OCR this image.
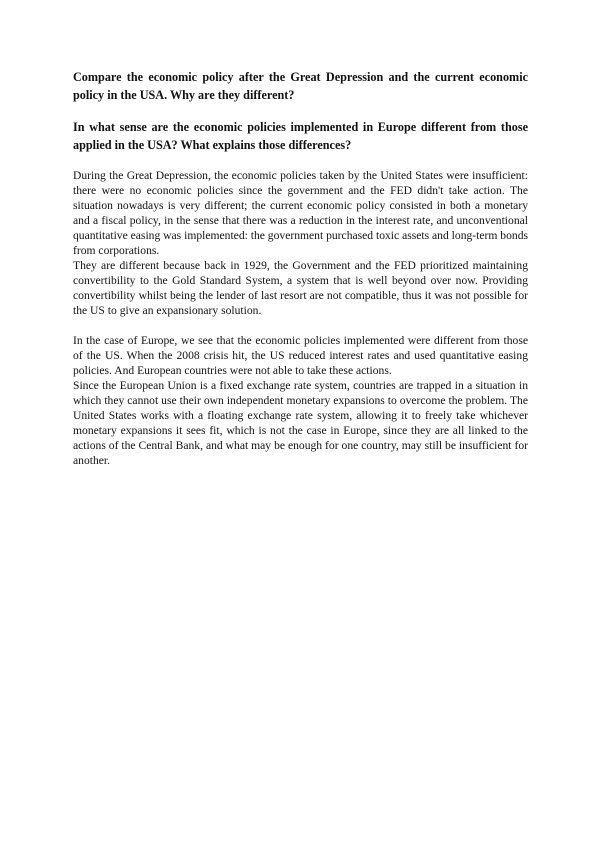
Compare the economic policy after the Great Depression and the current economic policy in the USA. Why are they different?

In what sense are the economic policies implemented in Europe different from those applied in the USA? What explains those differences?

During the Great Depression, the economic policies taken by the United States were insufficient: there were no economic policies since the government and the FED didn't take action. The situation nowadays is very different; the current economic policy consisted in both a monetary and a fiscal policy, in the sense that there was a reduction in the interest rate, and unconventional quantitative easing was implemented: the government purchased toxic assets and long-term bonds from corporations.

They are different because back in 1929, the Government and the FED prioritized maintaining convertibility to the Gold Standard System, a system that is well beyond over now. Providing convertibility whilst being the lender of last resort are not compatible, thus it was not possible for the US to give an expansionary solution.

In the case of Europe, we see that the economic policies implemented were different from those of the US. When the 2008 crisis hit, the US reduced interest rates and used quantitative easing policies. And European countries were not able to take these actions.

Since the European Union is a fixed exchange rate system, countries are trapped in a situation in which they cannot use their own independent monetary expansions to overcome the problem. The United States works with a floating exchange rate system, allowing it to freely take whichever monetary expansions it sees fit, which is not the case in Europe, since they are all linked to the actions of the Central Bank, and what may be enough for one country, may still be insufficient for another.
